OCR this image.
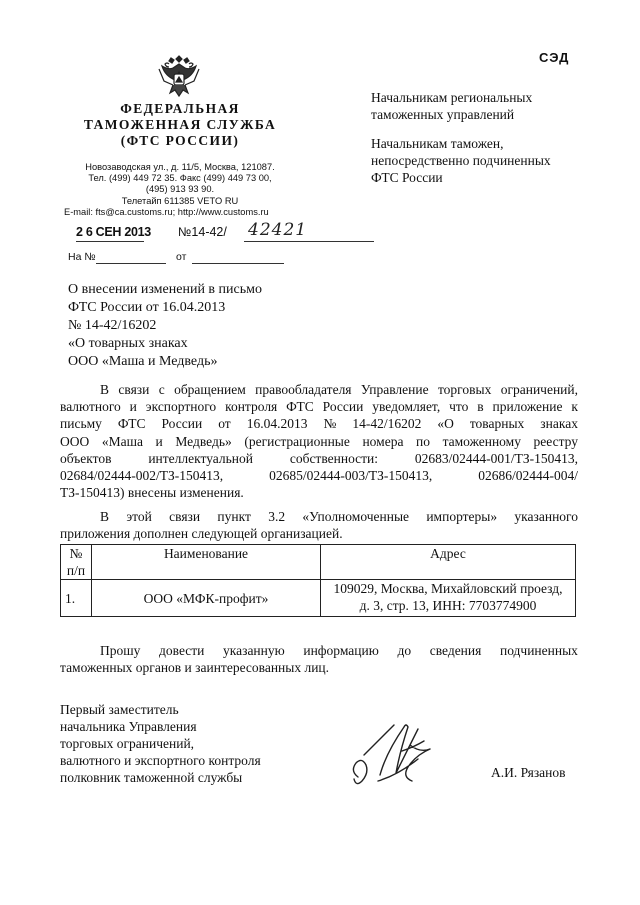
СЭД
ФЕДЕРАЛЬНАЯ
ТАМОЖЕННАЯ СЛУЖБА
(ФТС РОССИИ)
Новозаводская ул., д. 11/5, Москва, 121087.
Тел. (499) 449 72 35. Факс (499) 449 73 00,
(495) 913 93 90.
Телетайп 611385 VETO RU
E-mail: fts@ca.customs.ru; http://www.customs.ru
Начальникам региональных
таможенных управлений
Начальникам таможен,
непосредственно подчиненных
ФТС России
2 6 СЕН 2013 №14-42/ 42421
На №	от
О внесении изменений в письмо
ФТС России от 16.04.2013
№ 14-42/16202
«О товарных знаках
ООО «Маша и Медведь»
В связи с обращением правообладателя Управление торговых ограничений,
валютного и экспортного контроля ФТС России уведомляет, что в приложение к
письму ФТС России от 16.04.2013 № 14-42/16202 «О товарных знаках
ООО «Маша и Медведь» (регистрационные номера по таможенному реестру
объектов	интеллектуальной	собственности:	02683/02444-001/ТЗ-150413,
02684/02444-002/ТЗ-150413,	02685/02444-003/ТЗ-150413,	02686/02444-004/
ТЗ-150413) внесены изменения.
В этой связи пункт 3.2 «Уполномоченные импортеры» указанного
приложения дополнен следующей организацией.
№
п/п	Наименование	Адрес
1.	ООО «МФК-профит»	109029, Москва, Михайловский проезд,
д. 3, стр. 13, ИНН: 7703774900
Прошу довести указанную информацию до сведения подчиненных
таможенных органов и заинтересованных лиц.
Первый заместитель
начальника Управления
торговых ограничений,
валютного и экспортного контроля
полковник таможенной службы	А.И. Рязанов
